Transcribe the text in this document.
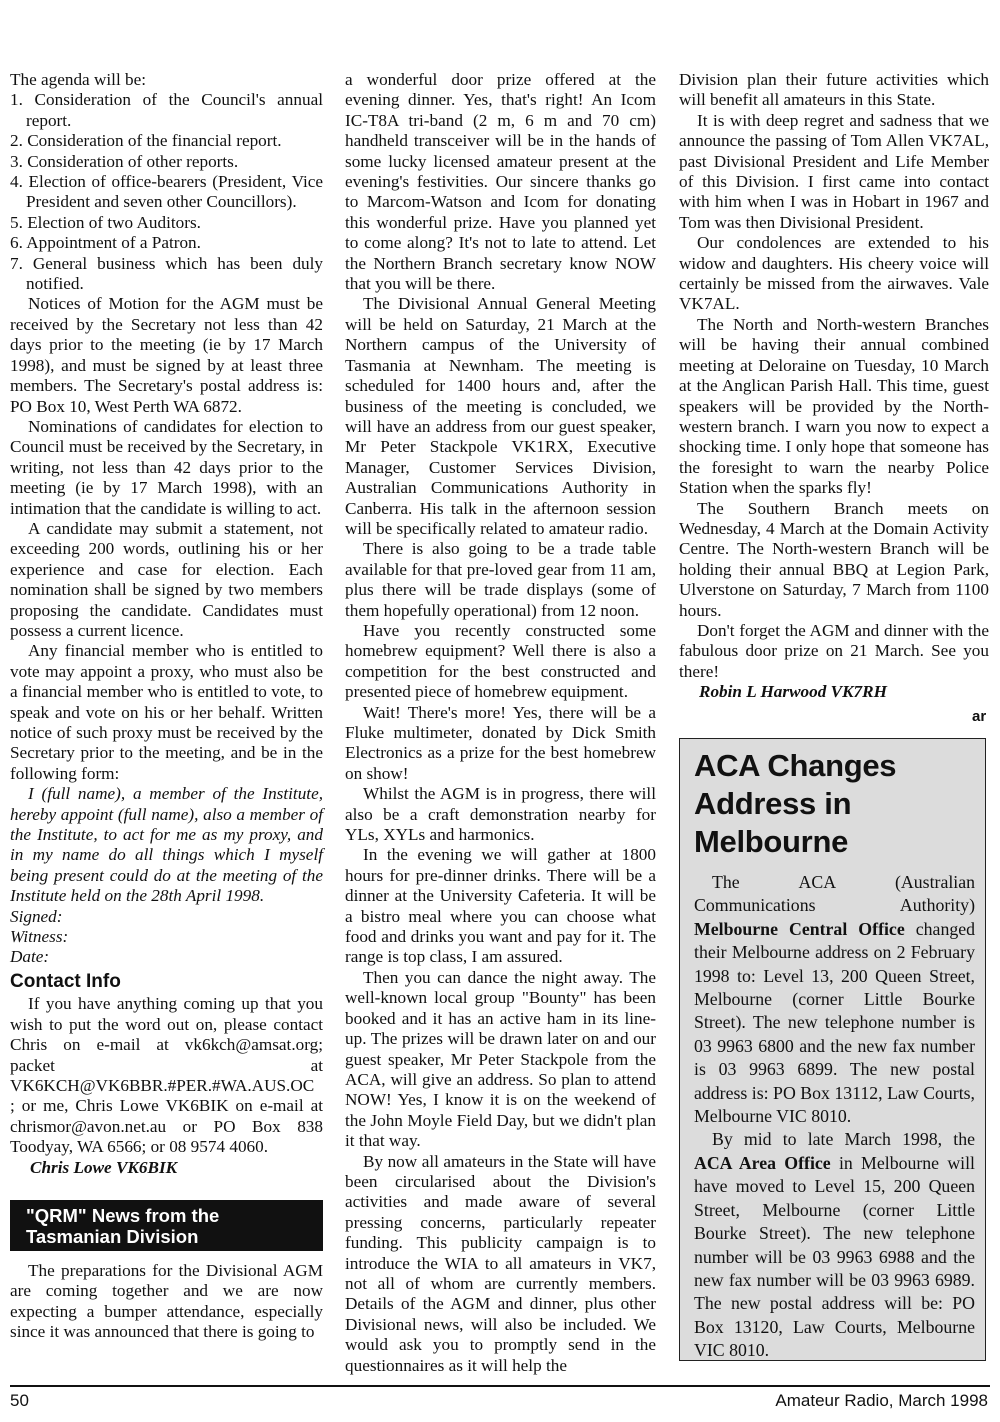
The agenda will be:

1. Consideration of the Council's annual report.
2. Consideration of the financial report.
3. Consideration of other reports.
4. Election of office-bearers (President, Vice President and seven other Councillors).
5. Election of two Auditors.
6. Appointment of a Patron.
7. General business which has been duly notified.

Notices of Motion for the AGM must be received by the Secretary not less than 42 days prior to the meeting (ie by 17 March 1998), and must be signed by at least three members. The Secretary's postal address is: PO Box 10, West Perth WA 6872.

Nominations of candidates for election to Council must be received by the Secretary, in writing, not less than 42 days prior to the meeting (ie by 17 March 1998), with an intimation that the candidate is willing to act.

A candidate may submit a statement, not exceeding 200 words, outlining his or her experience and case for election. Each nomination shall be signed by two members proposing the candidate. Candidates must possess a current licence.

Any financial member who is entitled to vote may appoint a proxy, who must also be a financial member who is entitled to vote, to speak and vote on his or her behalf. Written notice of such proxy must be received by the Secretary prior to the meeting, and be in the following form:

I (full name), a member of the Institute, hereby appoint (full name), also a member of the Institute, to act for me as my proxy, and in my name do all things which I myself being present could do at the meeting of the Institute held on the 28th April 1998.

Signed:

Witness:

Date:

Contact Info

If you have anything coming up that you wish to put the word out on, please contact Chris on e-mail at vk6kch@amsat.org; packet at VK6KCH@VK6BBR.#PER.#WA.AUS.OC ; or me, Chris Lowe VK6BIK on e-mail at chrismor@avon.net.au or PO Box 838 Toodyay, WA 6566; or 08 9574 4060.

Chris Lowe VK6BIK
"QRM" News from the
Tasmanian Division

The preparations for the Divisional AGM are coming together and we are now expecting a bumper attendance, especially since it was announced that there is going to

a wonderful door prize offered at the evening dinner. Yes, that's right! An Icom IC-T8A tri-band (2 m, 6 m and 70 cm) handheld transceiver will be in the hands of some lucky licensed amateur present at the evening's festivities. Our sincere thanks go to Marcom-Watson and Icom for donating this wonderful prize. Have you planned yet to come along? It's not to late to attend. Let the Northern Branch secretary know NOW that you will be there.

The Divisional Annual General Meeting will be held on Saturday, 21 March at the Northern campus of the University of Tasmania at Newnham. The meeting is scheduled for 1400 hours and, after the business of the meeting is concluded, we will have an address from our guest speaker, Mr Peter Stackpole VK1RX, Executive Manager, Customer Services Division, Australian Communications Authority in Canberra. His talk in the afternoon session will be specifically related to amateur radio.

There is also going to be a trade table available for that pre-loved gear from 11 am, plus there will be trade displays (some of them hopefully operational) from 12 noon.

Have you recently constructed some homebrew equipment? Well there is also a competition for the best constructed and presented piece of homebrew equipment.

Wait! There's more! Yes, there will be a Fluke multimeter, donated by Dick Smith Electronics as a prize for the best homebrew on show!

Whilst the AGM is in progress, there will also be a craft demonstration nearby for YLs, XYLs and harmonics.

In the evening we will gather at 1800 hours for pre-dinner drinks. There will be a dinner at the University Cafeteria. It will be a bistro meal where you can choose what food and drinks you want and pay for it. The range is top class, I am assured.

Then you can dance the night away. The well-known local group "Bounty" has been booked and it has an active ham in its line-up. The prizes will be drawn later on and our guest speaker, Mr Peter Stackpole from the ACA, will give an address. So plan to attend NOW! Yes, I know it is on the weekend of the John Moyle Field Day, but we didn't plan it that way.

By now all amateurs in the State will have been circularised about the Division's activities and made aware of several pressing concerns, particularly repeater funding. This publicity campaign is to introduce the WIA to all amateurs in VK7, not all of whom are currently members. Details of the AGM and dinner, plus other Divisional news, will also be included. We would ask you to promptly send in the questionnaires as it will help the

Division plan their future activities which will benefit all amateurs in this State.

It is with deep regret and sadness that we announce the passing of Tom Allen VK7AL, past Divisional President and Life Member of this Division. I first came into contact with him when I was in Hobart in 1967 and Tom was then Divisional President.

Our condolences are extended to his widow and daughters. His cheery voice will certainly be missed from the airwaves. Vale VK7AL.

The North and North-western Branches will be having their annual combined meeting at Deloraine on Tuesday, 10 March at the Anglican Parish Hall. This time, guest speakers will be provided by the North-western branch. I warn you now to expect a shocking time. I only hope that someone has the foresight to warn the nearby Police Station when the sparks fly!

The Southern Branch meets on Wednesday, 4 March at the Domain Activity Centre. The North-western Branch will be holding their annual BBQ at Legion Park, Ulverstone on Saturday, 7 March from 1100 hours.

Don't forget the AGM and dinner with the fabulous door prize on 21 March. See you there!

Robin L Harwood VK7RH
ar
ACA Changes
Address in
Melbourne

The ACA (Australian Communications Authority) Melbourne Central Office changed their Melbourne address on 2 February 1998 to: Level 13, 200 Queen Street, Melbourne (corner Little Bourke Street). The new telephone number is 03 9963 6800 and the new fax number is 03 9963 6899. The new postal address is: PO Box 13112, Law Courts, Melbourne VIC 8010.

By mid to late March 1998, the ACA Area Office in Melbourne will have moved to Level 15, 200 Queen Street, Melbourne (corner Little Bourke Street). The new telephone number will be 03 9963 6988 and the new fax number will be 03 9963 6989. The new postal address will be: PO Box 13120, Law Courts, Melbourne VIC 8010.

50	Amateur Radio, March 1998
